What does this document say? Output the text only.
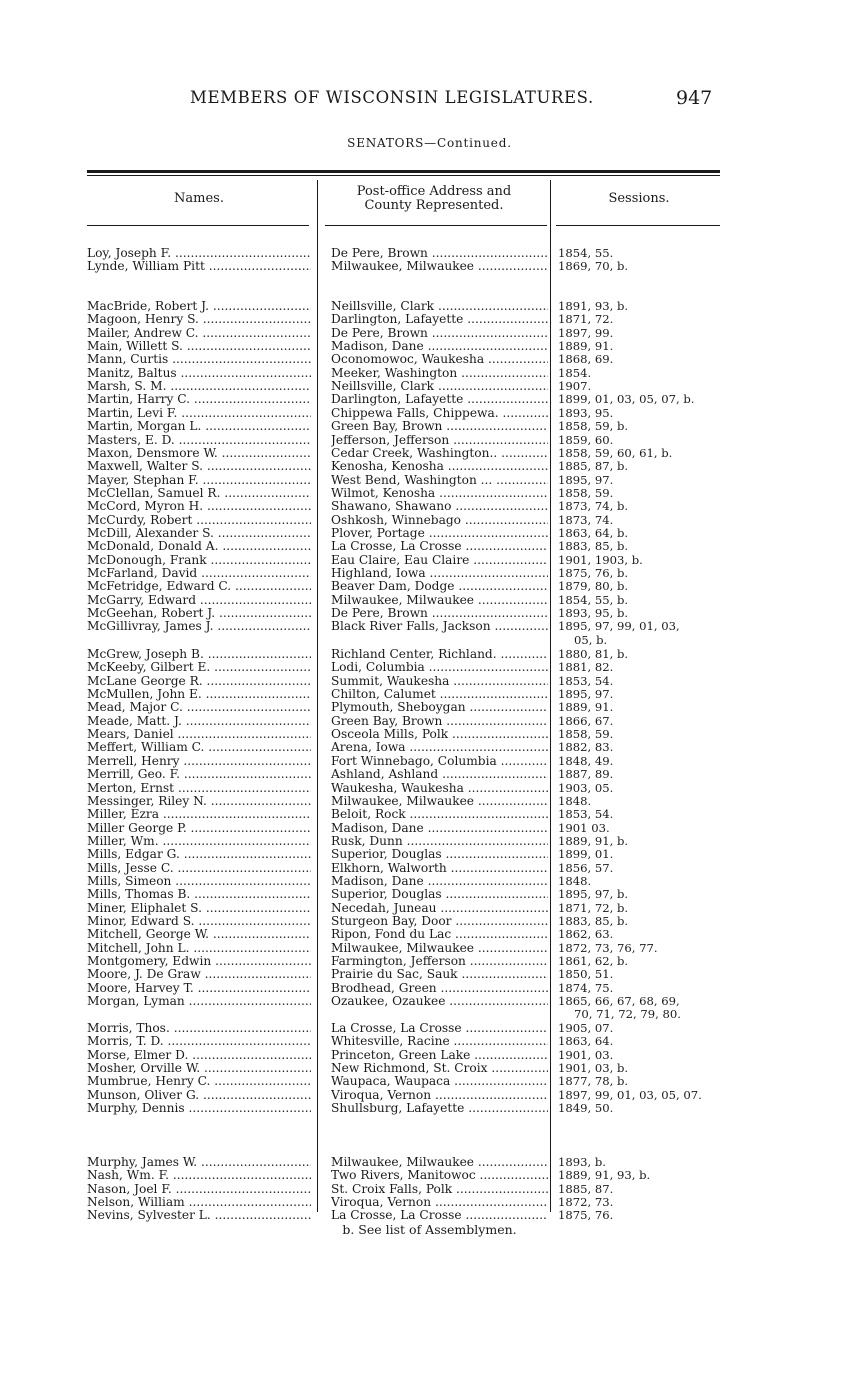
MEMBERS OF WISCONSIN LEGISLATURES.	947
SENATORS—Continued.
Names.	Post-office Address and
County Represented.	Sessions.
Loy, Joseph F. .....	De Pere, Brown .....	1854, 55.
Lynde, William Pitt .....	Milwaukee, Milwaukee .....	1869, 70, b.
MacBride, Robert J. .....	Neillsville, Clark .....	1891, 93, b.
Magoon, Henry S. .....	Darlington, Lafayette .....	1871, 72.
Mailer, Andrew C. .....	De Pere, Brown .....	1897, 99.
Main, Willett S. .....	Madison, Dane .....	1889, 91.
Mann, Curtis .....	Oconomowoc, Waukesha .....	1868, 69.
Manitz, Baltus .....	Meeker, Washington .....	1854.
Marsh, S. M. .....	Neillsville, Clark .....	1907.
Martin, Harry C. .....	Darlington, Lafayette .....	1899, 01, 03, 05, 07, b.
Martin, Levi F. .....	Chippewa Falls, Chippewa. .....	1893, 95.
Martin, Morgan L. .....	Green Bay, Brown .....	1858, 59, b.
Masters, E. D. .....	Jefferson, Jefferson .....	1859, 60.
Maxon, Densmore W. .....	Cedar Creek, Washington.. .....	1858, 59, 60, 61, b.
Maxwell, Walter S. .....	Kenosha, Kenosha .....	1885, 87, b.
Mayer, Stephan F. .....	West Bend, Washington ... .....	1895, 97.
McClellan, Samuel R. .....	Wilmot, Kenosha .....	1858, 59.
McCord, Myron H. .....	Shawano, Shawano .....	1873, 74, b.
McCurdy, Robert .....	Oshkosh, Winnebago .....	1873, 74.
McDill, Alexander S. .....	Plover, Portage .....	1863, 64, b.
McDonald, Donald A. .....	La Crosse, La Crosse .....	1883, 85, b.
McDonough, Frank .....	Eau Claire, Eau Claire .....	1901, 1903, b.
McFarland, David .....	Highland, Iowa .....	1875, 76, b.
McFetridge, Edward C. .....	Beaver Dam, Dodge .....	1879, 80, b.
McGarry, Edward .....	Milwaukee, Milwaukee .....	1854, 55, b.
McGeehan, Robert J. .....	De Pere, Brown .....	1893, 95, b.
McGillivray, James J. .....	Black River Falls, Jackson .....	1895, 97, 99, 01, 03,
05, b.
McGrew, Joseph B. .....	Richland Center, Richland. .....	1880, 81, b.
McKeeby, Gilbert E. .....	Lodi, Columbia .....	1881, 82.
McLane George R. .....	Summit, Waukesha .....	1853, 54.
McMullen, John E. .....	Chilton, Calumet .....	1895, 97.
Mead, Major C. .....	Plymouth, Sheboygan .....	1889, 91.
Meade, Matt. J. .....	Green Bay, Brown .....	1866, 67.
Mears, Daniel .....	Osceola Mills, Polk .....	1858, 59.
Meffert, William C. .....	Arena, Iowa .....	1882, 83.
Merrell, Henry .....	Fort Winnebago, Columbia .....	1848, 49.
Merrill, Geo. F. .....	Ashland, Ashland .....	1887, 89.
Merton, Ernst .....	Waukesha, Waukesha .....	1903, 05.
Messinger, Riley N. .....	Milwaukee, Milwaukee .....	1848.
Miller, Ezra .....	Beloit, Rock .....	1853, 54.
Miller George P. .....	Madison, Dane .....	1901 03.
Miller, Wm. .....	Rusk, Dunn .....	1889, 91, b.
Mills, Edgar G. .....	Superior, Douglas .....	1899, 01.
Mills, Jesse C. .....	Elkhorn, Walworth .....	1856, 57.
Mills, Simeon .....	Madison, Dane .....	1848.
Mills, Thomas B. .....	Superior, Douglas .....	1895, 97, b.
Miner, Eliphalet S. .....	Necedah, Juneau .....	1871, 72, b.
Minor, Edward S. .....	Sturgeon Bay, Door .....	1883, 85, b.
Mitchell, George W. .....	Ripon, Fond du Lac .....	1862, 63.
Mitchell, John L. .....	Milwaukee, Milwaukee .....	1872, 73, 76, 77.
Montgomery, Edwin .....	Farmington, Jefferson .....	1861, 62, b.
Moore, J. De Graw .....	Prairie du Sac, Sauk .....	1850, 51.
Moore, Harvey T. .....	Brodhead, Green .....	1874, 75.
Morgan, Lyman .....	Ozaukee, Ozaukee .....	1865, 66, 67, 68, 69,
70, 71, 72, 79, 80.
Morris, Thos. .....	La Crosse, La Crosse .....	1905, 07.
Morris, T. D. .....	Whitesville, Racine .....	1863, 64.
Morse, Elmer D. .....	Princeton, Green Lake .....	1901, 03.
Mosher, Orville W. .....	New Richmond, St. Croix .....	1901, 03, b.
Mumbrue, Henry C. .....	Waupaca, Waupaca .....	1877, 78, b.
Munson, Oliver G. .....	Viroqua, Vernon .....	1897, 99, 01, 03, 05, 07.
Murphy, Dennis .....	Shullsburg, Lafayette .....	1849, 50.
Murphy, James W. .....	Milwaukee, Milwaukee .....	1893, b.
Nash, Wm. F. .....	Two Rivers, Manitowoc .....	1889, 91, 93, b.
Nason, Joel F. .....	St. Croix Falls, Polk .....	1885, 87.
Nelson, William .....	Viroqua, Vernon .....	1872, 73.
Nevins, Sylvester L. .....	La Crosse, La Crosse .....	1875, 76.
b. See list of Assemblymen.
